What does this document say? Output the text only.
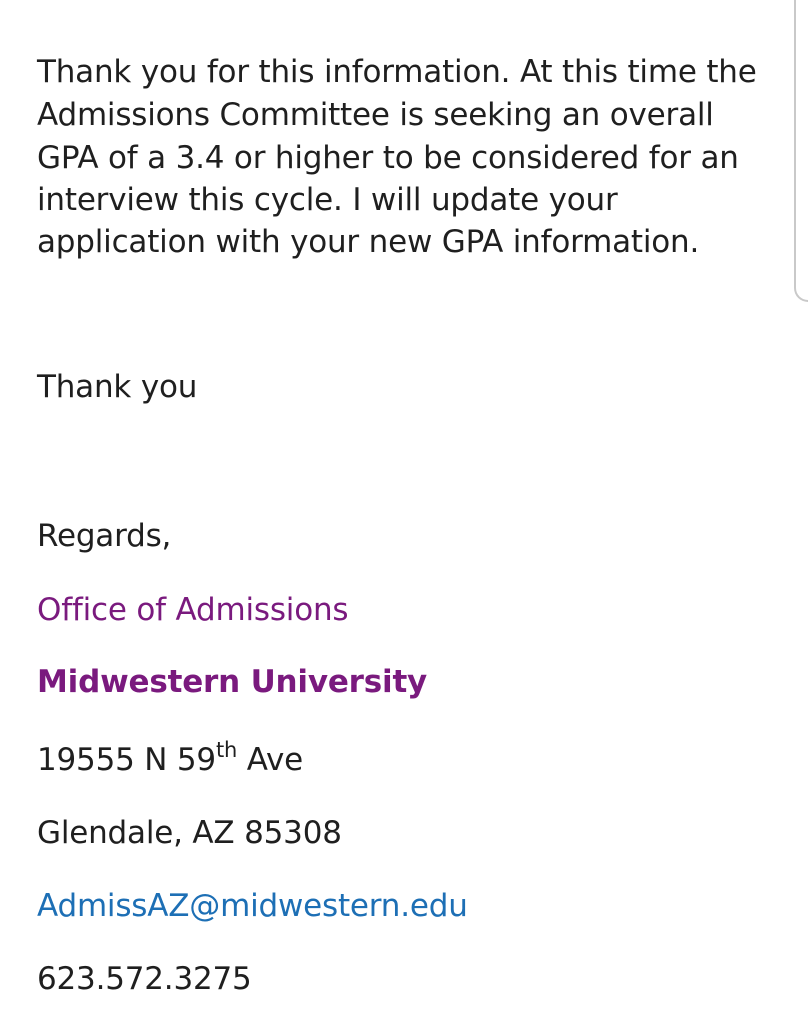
Thank you for this information. At this time the
Admissions Committee is seeking an overall
GPA of a 3.4 or higher to be considered for an
interview this cycle. I will update your
application with your new GPA information.
Thank you
Regards,
Office of Admissions
Midwestern University
19555 N 59th Ave
Glendale, AZ 85308
AdmissAZ@midwestern.edu
623.572.3275
